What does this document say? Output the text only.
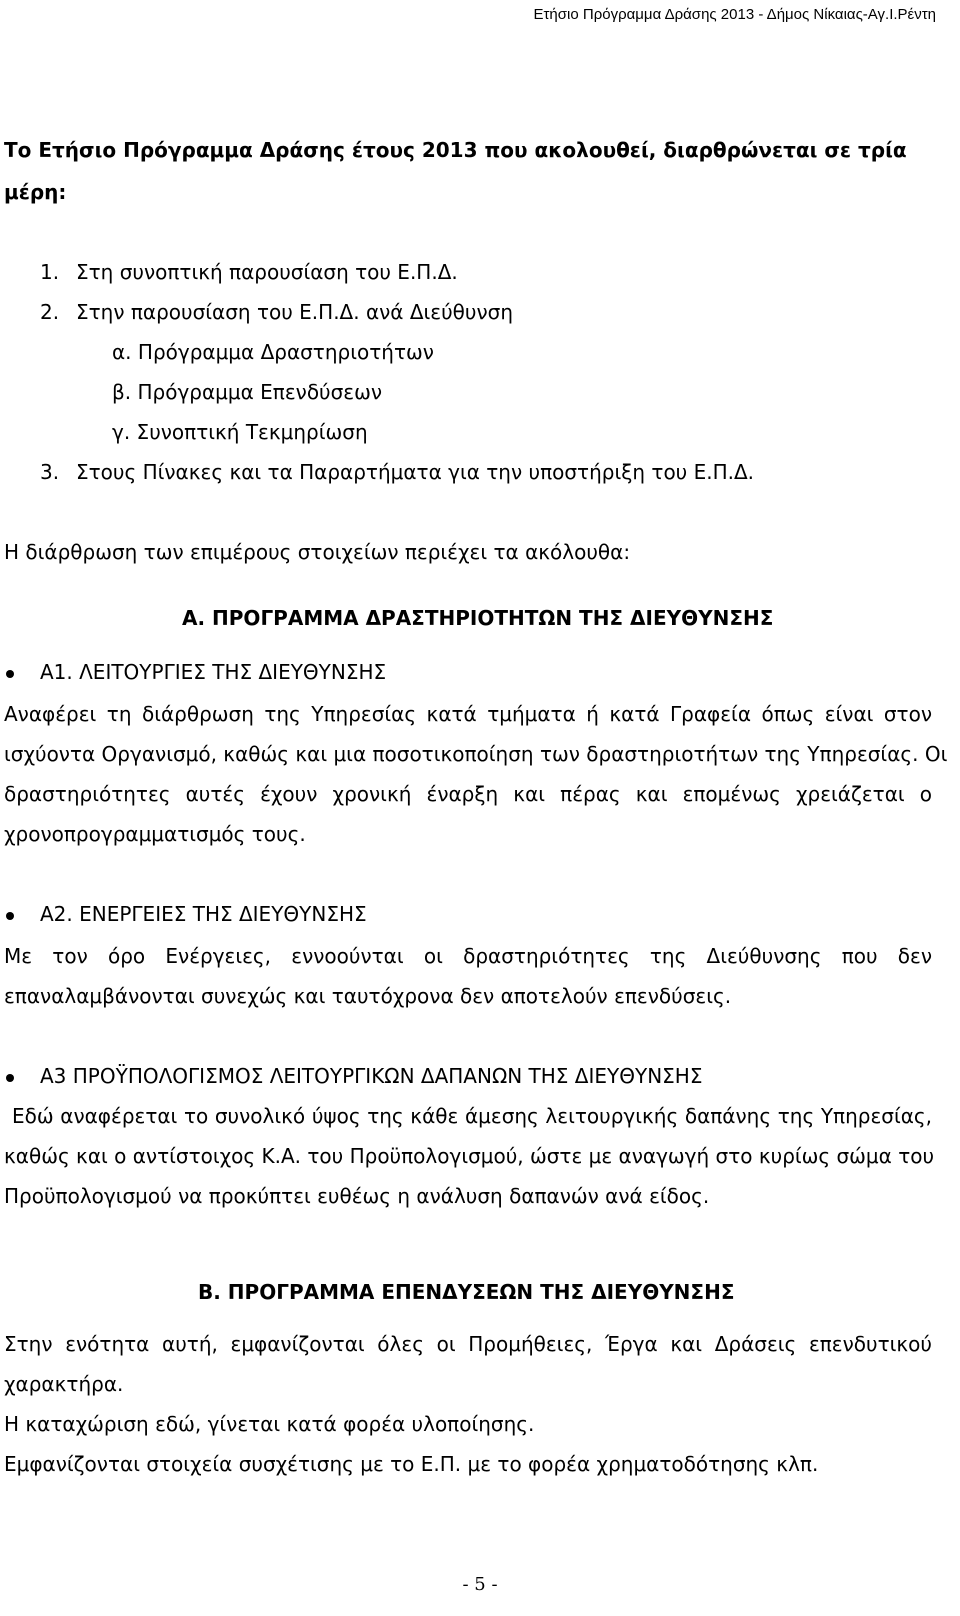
Ετήσιο Πρόγραμμα Δράσης 2013 - Δήμος Νίκαιας-Αγ.Ι.Ρέντη
Το Ετήσιο Πρόγραμμα Δράσης έτους 2013 που ακολουθεί, διαρθρώνεται σε τρία
μέρη:
1. Στη συνοπτική παρουσίαση του Ε.Π.Δ.
2. Στην παρουσίαση του Ε.Π.Δ. ανά Διεύθυνση
α. Πρόγραμμα Δραστηριοτήτων
β. Πρόγραμμα Επενδύσεων
γ. Συνοπτική Τεκμηρίωση
3. Στους Πίνακες και τα Παραρτήματα για την υποστήριξη του Ε.Π.Δ.
Η διάρθρωση των επιμέρους στοιχείων περιέχει τα ακόλουθα:
Α. ΠΡΟΓΡΑΜΜΑ ΔΡΑΣΤΗΡΙΟΤΗΤΩΝ ΤΗΣ ΔΙΕΥΘΥΝΣΗΣ
Α1. ΛΕΙΤΟΥΡΓΙΕΣ ΤΗΣ ΔΙΕΥΘΥΝΣΗΣ
Αναφέρει τη διάρθρωση της Υπηρεσίας κατά τμήματα ή κατά Γραφεία όπως είναι στον
ισχύοντα Οργανισμό, καθώς και μια ποσοτικοποίηση των δραστηριοτήτων της Υπηρεσίας. Οι
δραστηριότητες αυτές έχουν χρονική έναρξη και πέρας και επομένως χρειάζεται ο
χρονοπρογραμματισμός τους.
Α2. ΕΝΕΡΓΕΙΕΣ ΤΗΣ ΔΙΕΥΘΥΝΣΗΣ
Με τον όρο Ενέργειες, εννοούνται οι δραστηριότητες της Διεύθυνσης που δεν
επαναλαμβάνονται συνεχώς και ταυτόχρονα δεν αποτελούν επενδύσεις.
Α3 ΠΡΟΫΠΟΛΟΓΙΣΜΟΣ ΛΕΙΤΟΥΡΓΙΚΩΝ ΔΑΠΑΝΩΝ ΤΗΣ ΔΙΕΥΘΥΝΣΗΣ
Εδώ αναφέρεται το συνολικό ύψος της κάθε άμεσης λειτουργικής δαπάνης της Υπηρεσίας,
καθώς και ο αντίστοιχος Κ.Α. του Προϋπολογισμού, ώστε με αναγωγή στο κυρίως σώμα του
Προϋπολογισμού να προκύπτει ευθέως η ανάλυση δαπανών ανά είδος.
Β. ΠΡΟΓΡΑΜΜΑ ΕΠΕΝΔΥΣΕΩΝ ΤΗΣ ΔΙΕΥΘΥΝΣΗΣ
Στην ενότητα αυτή, εμφανίζονται όλες οι Προμήθειες, Έργα και Δράσεις επενδυτικού
χαρακτήρα.
Η καταχώριση εδώ, γίνεται κατά φορέα υλοποίησης.
Εμφανίζονται στοιχεία συσχέτισης με το Ε.Π. με το φορέα χρηματοδότησης κλπ.
- 5 -
